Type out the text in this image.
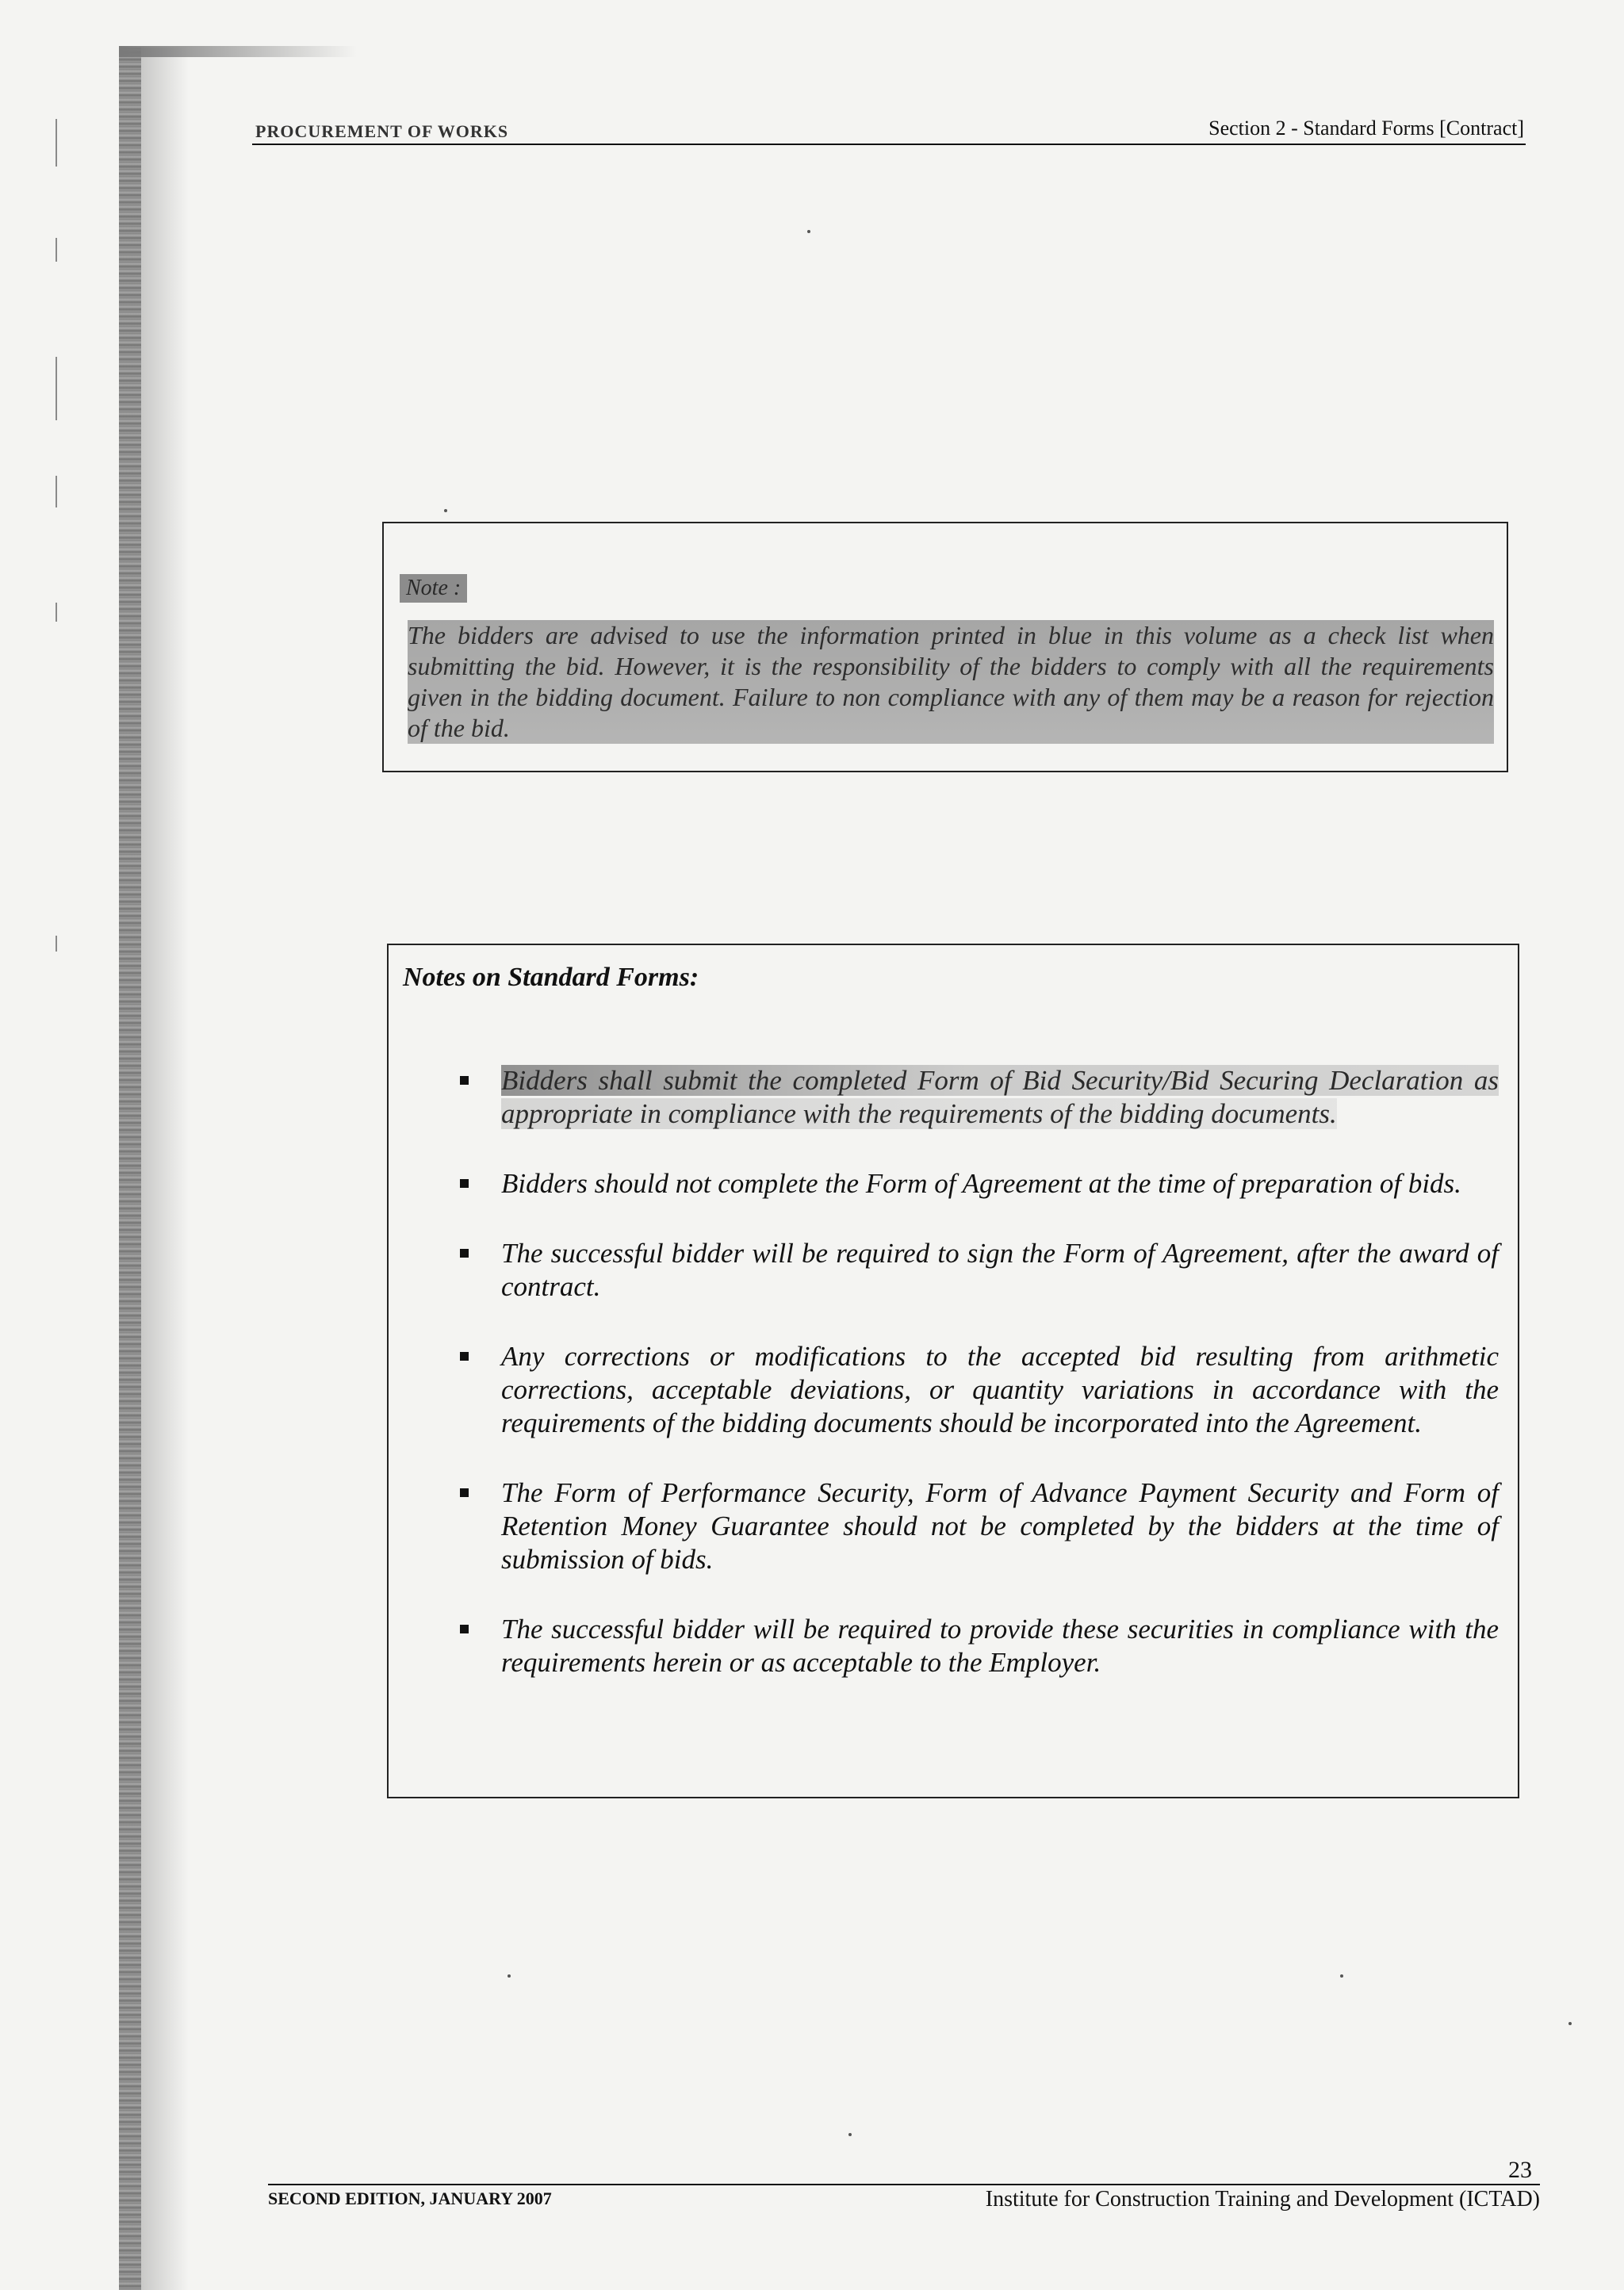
PROCUREMENT OF WORKS	Section 2 - Standard Forms [Contract]
Note :
The bidders are advised to use the information printed in blue in this volume as a check list when submitting the bid. However, it is the responsibility of the bidders to comply with all the requirements given in the bidding document. Failure to non compliance with any of them may be a reason for rejection of the bid.
Notes on Standard Forms:
Bidders shall submit the completed Form of Bid Security/Bid Securing Declaration as appropriate in compliance with the requirements of the bidding documents.
Bidders should not complete the Form of Agreement at the time of preparation of bids.
The successful bidder will be required to sign the Form of Agreement, after the award of contract.
Any corrections or modifications to the accepted bid resulting from arithmetic corrections, acceptable deviations, or quantity variations in accordance with the requirements of the bidding documents should be incorporated into the Agreement.
The Form of Performance Security, Form of Advance Payment Security and Form of Retention Money Guarantee should not be completed by the bidders at the time of submission of bids.
The successful bidder will be required to provide these securities in compliance with the requirements herein or as acceptable to the Employer.
23
SECOND EDITION, JANUARY 2007	Institute for Construction Training and Development (ICTAD)
